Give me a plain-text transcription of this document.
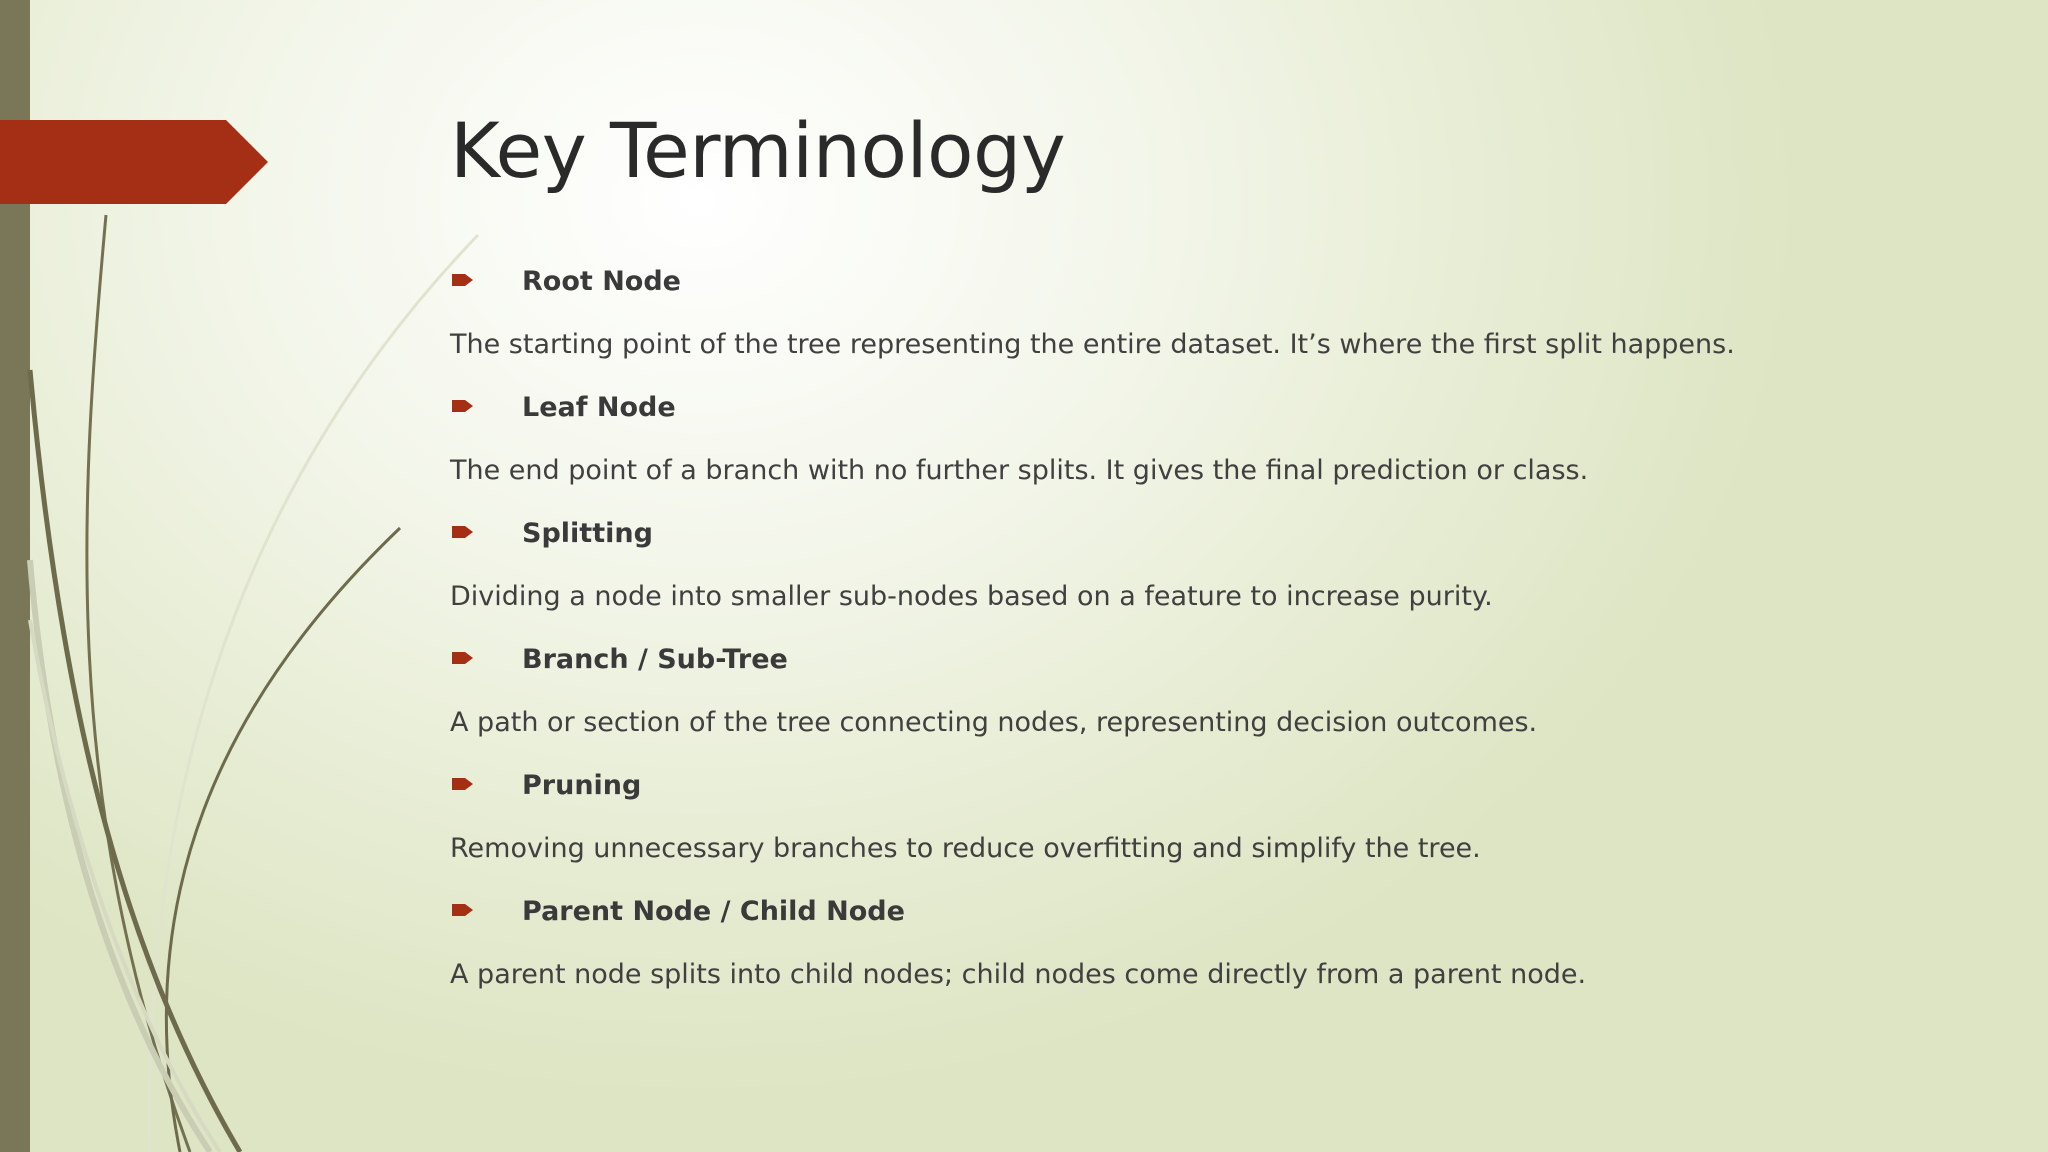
Key Terminology
Root Node
The starting point of the tree representing the entire dataset. It’s where the first split happens.
Leaf Node
The end point of a branch with no further splits. It gives the final prediction or class.
Splitting
Dividing a node into smaller sub-nodes based on a feature to increase purity.
Branch / Sub-Tree
A path or section of the tree connecting nodes, representing decision outcomes.
Pruning
Removing unnecessary branches to reduce overfitting and simplify the tree.
Parent Node / Child Node
A parent node splits into child nodes; child nodes come directly from a parent node.
